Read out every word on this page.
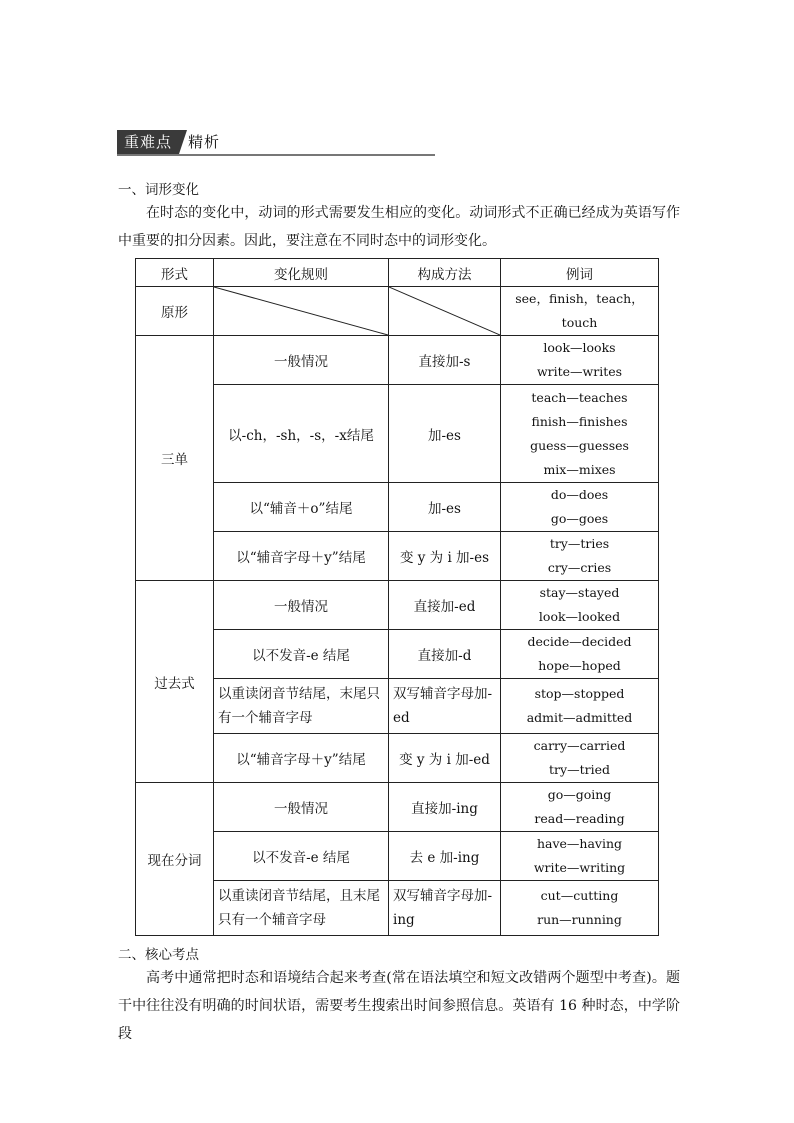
重难点	精析
一、词形变化

在时态的变化中，动词的形式需要发生相应的变化。动词形式不正确已经成为英语写作中重要的扣分因素。因此，要注意在不同时态中的词形变化。

形式	变化规则	构成方法	例词
原形			see，finish，teach，touch
三单	一般情况	直接加-s	look—looks
write—writes

	以-ch，-sh，-s，-x结尾	加-es	teach—teaches
finish—finishes
guess—guesses
mix—mixes

	以“辅音＋o”结尾	加-es	do—does
go—goes

	以“辅音字母＋y”结尾	变 y 为 i 加-es	try—tries
cry—cries

过去式	一般情况	直接加-ed	stay—stayed
look—looked

	以不发音-e 结尾	直接加-d	decide—decided
hope—hoped

	以重读闭音节结尾，末尾只有一个辅音字母	双写辅音字母加-ed	stop—stopped
admit—admitted

	以“辅音字母＋y”结尾	变 y 为 i 加-ed	carry—carried
try—tried

现在分词	一般情况	直接加-ing	go—going
read—reading

	以不发音-e 结尾	去 e 加-ing	have—having
write—writing

	以重读闭音节结尾，且末尾只有一个辅音字母	双写辅音字母加-ing	cut—cutting
run—running
二、核心考点

高考中通常把时态和语境结合起来考查(常在语法填空和短文改错两个题型中考查)。题干中往往没有明确的时间状语，需要考生搜索出时间参照信息。英语有 16 种时态，中学阶段
